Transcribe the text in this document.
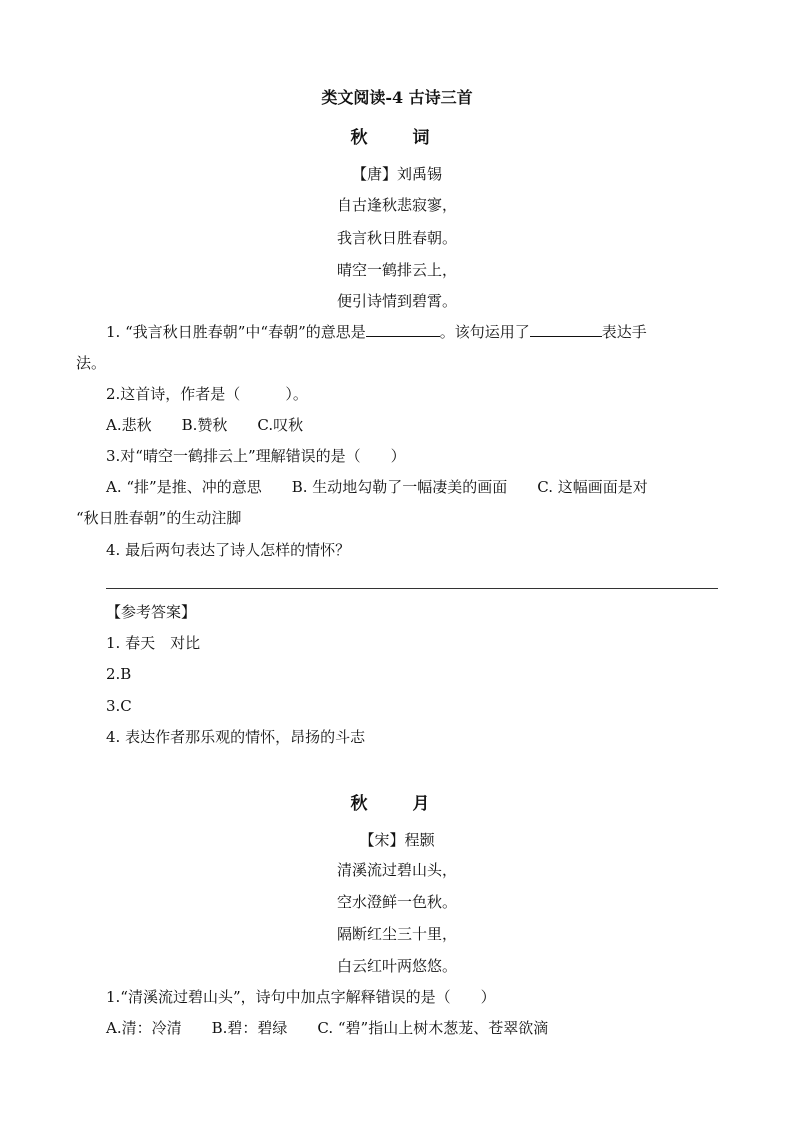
类文阅读-4 古诗三首
秋　词
【唐】刘禹锡
自古逢秋悲寂寥，
我言秋日胜春朝。
晴空一鹤排云上，
便引诗情到碧霄。
1. “我言秋日胜春朝”中“春朝”的意思是	。该句运用了	表达手
法。
2.这首诗，作者是（　　　）。
A.悲秋　　B.赞秋　　C.叹秋
3.对“晴空一鹤排云上”理解错误的是（　　）
A. “排”是推、冲的意思　　B. 生动地勾勒了一幅凄美的画面　　C. 这幅画面是对
“秋日胜春朝”的生动注脚
4. 最后两句表达了诗人怎样的情怀？
【参考答案】
1. 春天　对比
2.B
3.C
4. 表达作者那乐观的情怀，昂扬的斗志
秋　月
【宋】程颢
清溪流过碧山头，
空水澄鲜一色秋。
隔断红尘三十里，
白云红叶两悠悠。
1.“清溪流过碧山头”，诗句中加点字解释错误的是（　　）
A.清：冷清　　B.碧：碧绿　　C. “碧”指山上树木葱茏、苍翠欲滴
